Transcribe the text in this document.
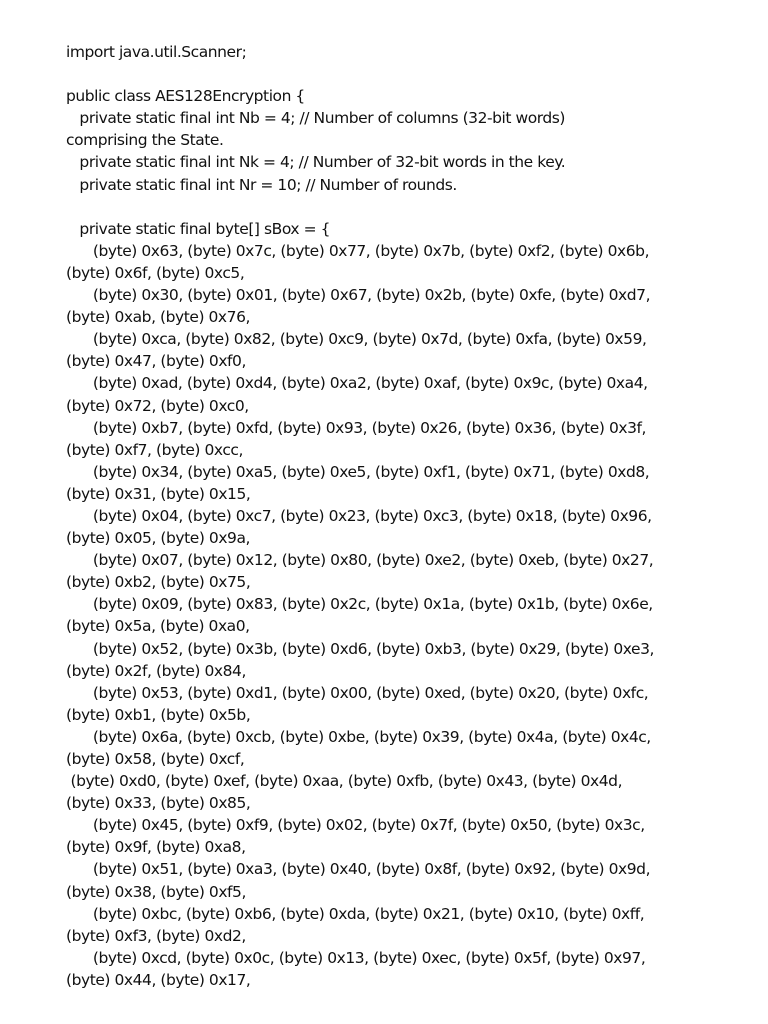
import java.util.Scanner;
public class AES128Encryption {
private static final int Nb = 4; // Number of columns (32-bit words)
comprising the State.
private static final int Nk = 4; // Number of 32-bit words in the key.
private static final int Nr = 10; // Number of rounds.
private static final byte[] sBox = {
(byte) 0x63, (byte) 0x7c, (byte) 0x77, (byte) 0x7b, (byte) 0xf2, (byte) 0x6b,
(byte) 0x6f, (byte) 0xc5,
(byte) 0x30, (byte) 0x01, (byte) 0x67, (byte) 0x2b, (byte) 0xfe, (byte) 0xd7,
(byte) 0xab, (byte) 0x76,
(byte) 0xca, (byte) 0x82, (byte) 0xc9, (byte) 0x7d, (byte) 0xfa, (byte) 0x59,
(byte) 0x47, (byte) 0xf0,
(byte) 0xad, (byte) 0xd4, (byte) 0xa2, (byte) 0xaf, (byte) 0x9c, (byte) 0xa4,
(byte) 0x72, (byte) 0xc0,
(byte) 0xb7, (byte) 0xfd, (byte) 0x93, (byte) 0x26, (byte) 0x36, (byte) 0x3f,
(byte) 0xf7, (byte) 0xcc,
(byte) 0x34, (byte) 0xa5, (byte) 0xe5, (byte) 0xf1, (byte) 0x71, (byte) 0xd8,
(byte) 0x31, (byte) 0x15,
(byte) 0x04, (byte) 0xc7, (byte) 0x23, (byte) 0xc3, (byte) 0x18, (byte) 0x96,
(byte) 0x05, (byte) 0x9a,
(byte) 0x07, (byte) 0x12, (byte) 0x80, (byte) 0xe2, (byte) 0xeb, (byte) 0x27,
(byte) 0xb2, (byte) 0x75,
(byte) 0x09, (byte) 0x83, (byte) 0x2c, (byte) 0x1a, (byte) 0x1b, (byte) 0x6e,
(byte) 0x5a, (byte) 0xa0,
(byte) 0x52, (byte) 0x3b, (byte) 0xd6, (byte) 0xb3, (byte) 0x29, (byte) 0xe3,
(byte) 0x2f, (byte) 0x84,
(byte) 0x53, (byte) 0xd1, (byte) 0x00, (byte) 0xed, (byte) 0x20, (byte) 0xfc,
(byte) 0xb1, (byte) 0x5b,
(byte) 0x6a, (byte) 0xcb, (byte) 0xbe, (byte) 0x39, (byte) 0x4a, (byte) 0x4c,
(byte) 0x58, (byte) 0xcf,
(byte) 0xd0, (byte) 0xef, (byte) 0xaa, (byte) 0xfb, (byte) 0x43, (byte) 0x4d,
(byte) 0x33, (byte) 0x85,
(byte) 0x45, (byte) 0xf9, (byte) 0x02, (byte) 0x7f, (byte) 0x50, (byte) 0x3c,
(byte) 0x9f, (byte) 0xa8,
(byte) 0x51, (byte) 0xa3, (byte) 0x40, (byte) 0x8f, (byte) 0x92, (byte) 0x9d,
(byte) 0x38, (byte) 0xf5,
(byte) 0xbc, (byte) 0xb6, (byte) 0xda, (byte) 0x21, (byte) 0x10, (byte) 0xff,
(byte) 0xf3, (byte) 0xd2,
(byte) 0xcd, (byte) 0x0c, (byte) 0x13, (byte) 0xec, (byte) 0x5f, (byte) 0x97,
(byte) 0x44, (byte) 0x17,
